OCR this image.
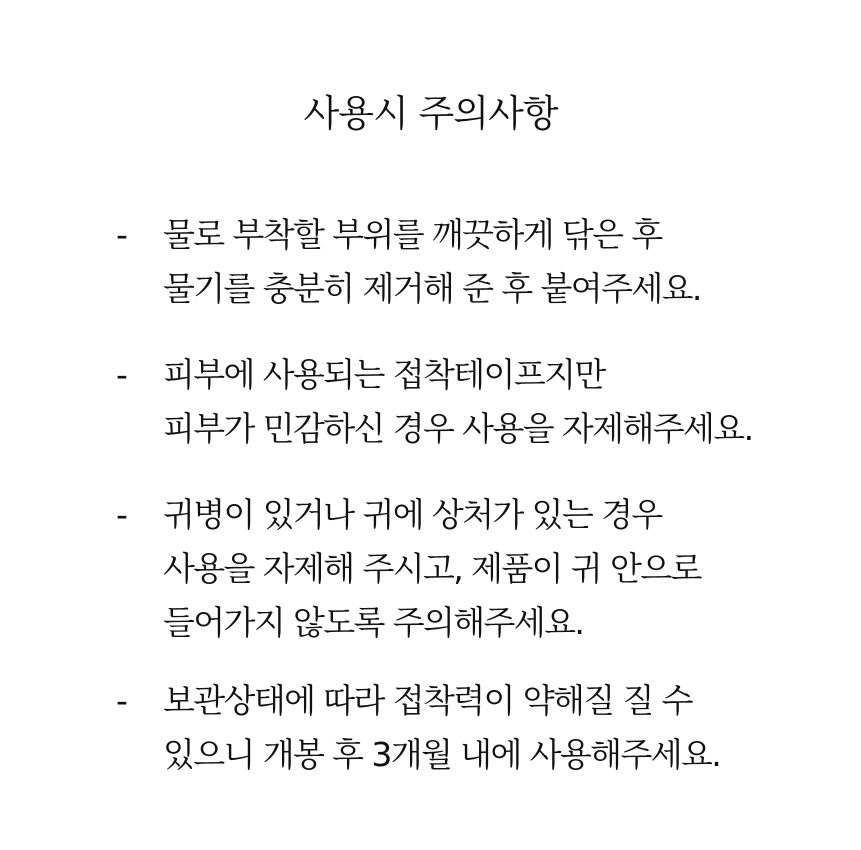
사용시 주의사항
- 물로 부착할 부위를 깨끗하게 닦은 후
물기를 충분히 제거해 준 후 붙여주세요.
- 피부에 사용되는 접착테이프지만
피부가 민감하신 경우 사용을 자제해주세요.
- 귀병이 있거나 귀에 상처가 있는 경우
사용을 자제해 주시고, 제품이 귀 안으로
들어가지 않도록 주의해주세요.
- 보관상태에 따라 접착력이 약해질 질 수
있으니 개봉 후 3개월 내에 사용해주세요.
